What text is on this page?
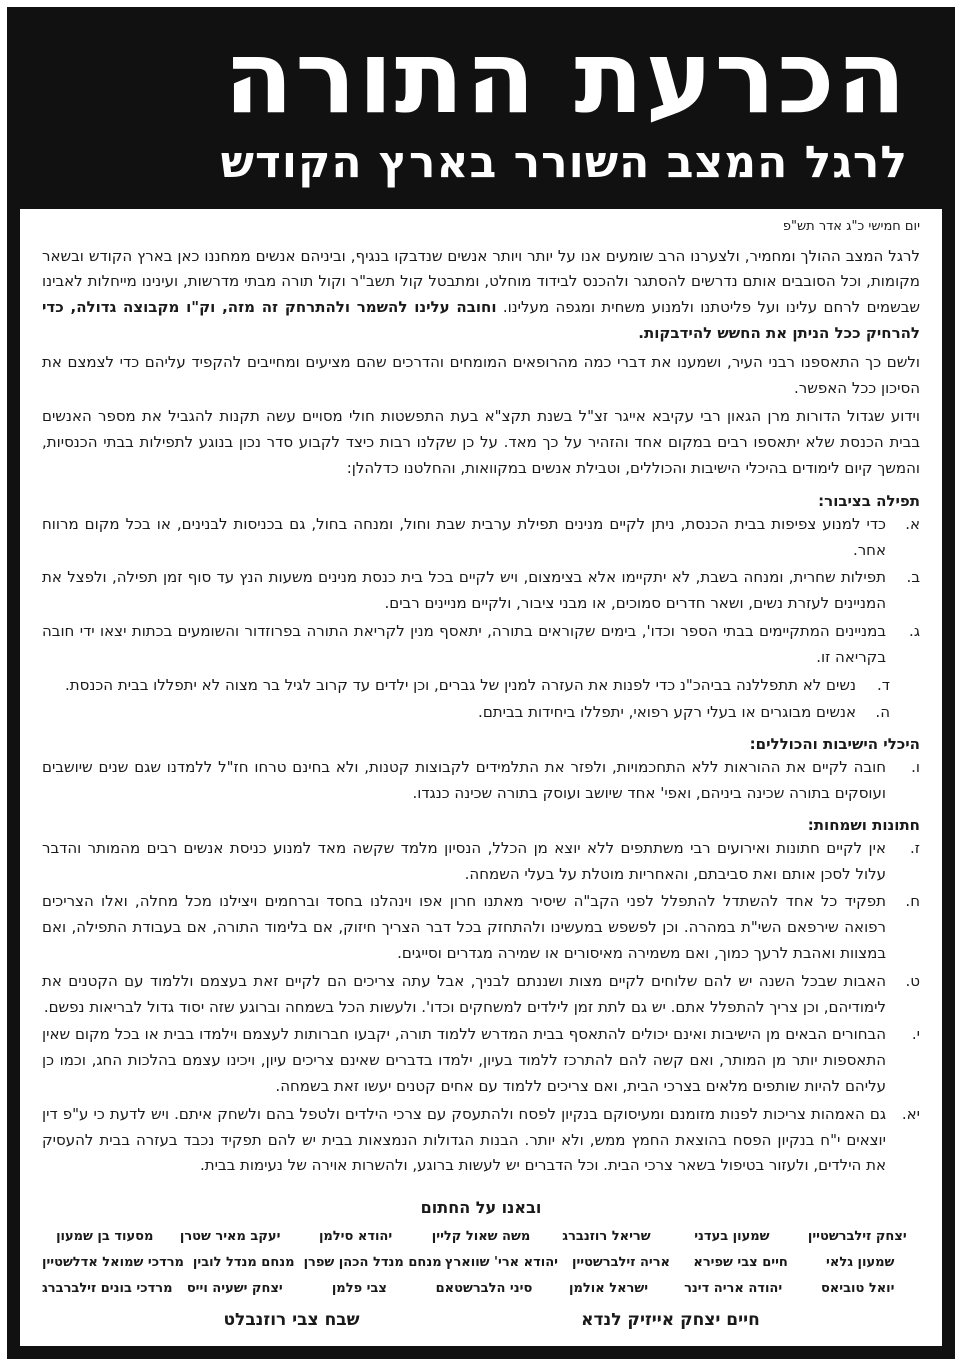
הכרעת התורה
לרגל המצב השורר בארץ הקודש
יום חמישי כ"ג אדר תש"פ
לרגל המצב ההולך ומחמיר, ולצערנו הרב שומעים אנו על יותר ויותר אנשים שנדבקו בנגיף, וביניהם אנשים ממחננו כאן בארץ הקודש ובשאר מקומות, וכל הסובבים אותם נדרשים להסתגר ולהכנס לבידוד מוחלט, ומתבטל קול תשב"ר וקול תורה מבתי מדרשות, ועינינו מייחלות לאבינו שבשמים לרחם עלינו ועל פליטתנו ולמנוע משחית ומגפה מעלינו. וחובה עלינו להשמר ולהתרחק זה מזה, וק"ו מקבוצה גדולה, כדי להרחיק ככל הניתן את החשש להידבקות.
ולשם כך התאספנו רבני העיר, ושמענו את דברי כמה מהרופאים המומחים והדרכים שהם מציעים ומחייבים להקפיד עליהם כדי לצמצם את הסיכון ככל האפשר.
וידוע שגדול הדורות מרן הגאון רבי עקיבא אייגר זצ"ל בשנת תקצ"א בעת התפשטות חולי מסויים עשה תקנות להגביל את מספר האנשים בבית הכנסת שלא יתאספו רבים במקום אחד והזהיר על כך מאד. על כן שקלנו רבות כיצד לקבוע סדר נכון בנוגע לתפילות בבתי הכנסיות, והמשך קיום לימודים בהיכלי הישיבות והכוללים, וטבילת אנשים במקוואות, והחלטנו כדלהלן:
תפילה בציבור:
א.
כדי למנוע צפיפות בבית הכנסת, ניתן לקיים מנינים תפילת ערבית שבת וחול, ומנחה בחול, גם בכניסות לבנינים, או בכל מקום מרווח אחר.
ב.
תפילות שחרית, ומנחה בשבת, לא יתקיימו אלא בצימצום, ויש לקיים בכל בית כנסת מנינים משעות הנץ עד סוף זמן תפילה, ולפצל את המניינים לעזרת נשים, ושאר חדרים סמוכים, או מבני ציבור, ולקיים מניינים רבים.
ג.
במניינים המתקיימים בבתי הספר וכדו', בימים שקוראים בתורה, יתאסף מנין לקריאת התורה בפרוזדור והשומעים בכתות יצאו ידי חובה בקריאה זו.
ד.
נשים לא תתפללנה בביהכ"נ כדי לפנות את העזרה למנין של גברים, וכן ילדים עד קרוב לגיל בר מצוה לא יתפללו בבית הכנסת.
ה.
אנשים מבוגרים או בעלי רקע רפואי, יתפללו ביחידות בביתם.
היכלי הישיבות והכוללים:
ו.
חובה לקיים את ההוראות ללא התחכמויות, ולפזר את התלמידים לקבוצות קטנות, ולא בחינם טרחו חז"ל ללמדנו שגם שנים שיושבים ועוסקים בתורה שכינה ביניהם, ואפי' אחד שיושב ועוסק בתורה שכינה כנגדו.
חתונות ושמחות:
ז.
אין לקיים חתונות ואירועים רבי משתתפים ללא יוצא מן הכלל, הנסיון מלמד שקשה מאד למנוע כניסת אנשים רבים מהמותר והדבר עלול לסכן אותם ואת סביבתם, והאחריות מוטלת על בעלי השמחה.
ח.
תפקיד כל אחד להשתדל להתפלל לפני הקב"ה שיסיר מאתנו חרון אפו וינהלנו בחסד וברחמים ויצילנו מכל מחלה, ואלו הצריכים רפואה שירפאם השי"ת במהרה. וכן לפשפש במעשינו ולהתחזק בכל דבר הצריך חיזוק, אם בלימוד התורה, אם בעבודת התפילה, ואם במצוות ואהבת לרעך כמוך, ואם משמירה מאיסורים או שמירה מגדרים וסייגים.
ט.
האבות שבכל השנה יש להם שלוחים לקיים מצות ושננתם לבניך, אבל עתה צריכים הם לקיים זאת בעצמם וללמוד עם הקטנים את לימודיהם, וכן צריך להתפלל אתם. יש גם לתת זמן לילדים למשחקים וכדו'. ולעשות הכל בשמחה וברוגע שזה יסוד גדול לבריאות נפשם.
י.
הבחורים הבאים מן הישיבות ואינם יכולים להתאסף בבית המדרש ללמוד תורה, יקבעו חברותות לעצמם וילמדו בבית או בכל מקום שאין התאספות יותר מן המותר, ואם קשה להם להתרכז ללמוד בעיון, ילמדו בדברים שאינם צריכים עיון, ויכינו עצמם בהלכות החג, וכמו כן עליהם להיות שותפים מלאים בצרכי הבית, ואם צריכים ללמוד עם אחים קטנים יעשו זאת בשמחה.
יא.
גם האמהות צריכות לפנות מזומנם ומעיסוקם בנקיון לפסח ולהתעסק עם צרכי הילדים ולטפל בהם ולשחק איתם. ויש לדעת כי ע"פ דין יוצאים י"ח בנקיון הפסח בהוצאת החמץ ממש, ולא יותר. הבנות הגדולות הנמצאות בבית יש להם תפקיד נכבד בעזרה בבית להעסיק את הילדים, ולעזור בטיפול בשאר צרכי הבית. וכל הדברים יש לעשות ברוגע, ולהשרות אוירה של נעימות בבית.
ובאנו על החתום
יצחק זילברשטיין
שמעון בעדני
שריאל רוזנברג
משה שאול קליין
יהודא סילמן
יעקב מאיר שטרן
מסעוד בן שמעון
שמעון גלאי
חיים צבי שפירא
אריה זילברשטיין
יהודא ארי' שווארץ
מנחם מנדל הכהן שפרן
מנחם מנדל לובין
מרדכי שמואל אדלשטיין
יואל טוביאס
יהודה אריה דינר
ישראל אולמן
סיני הלברשטאם
צבי פלמן
יצחק ישעיה וייס
מרדכי בונים זילברברג
חיים יצחק אייזיק לנדא
שבח צבי רוזנבלט
